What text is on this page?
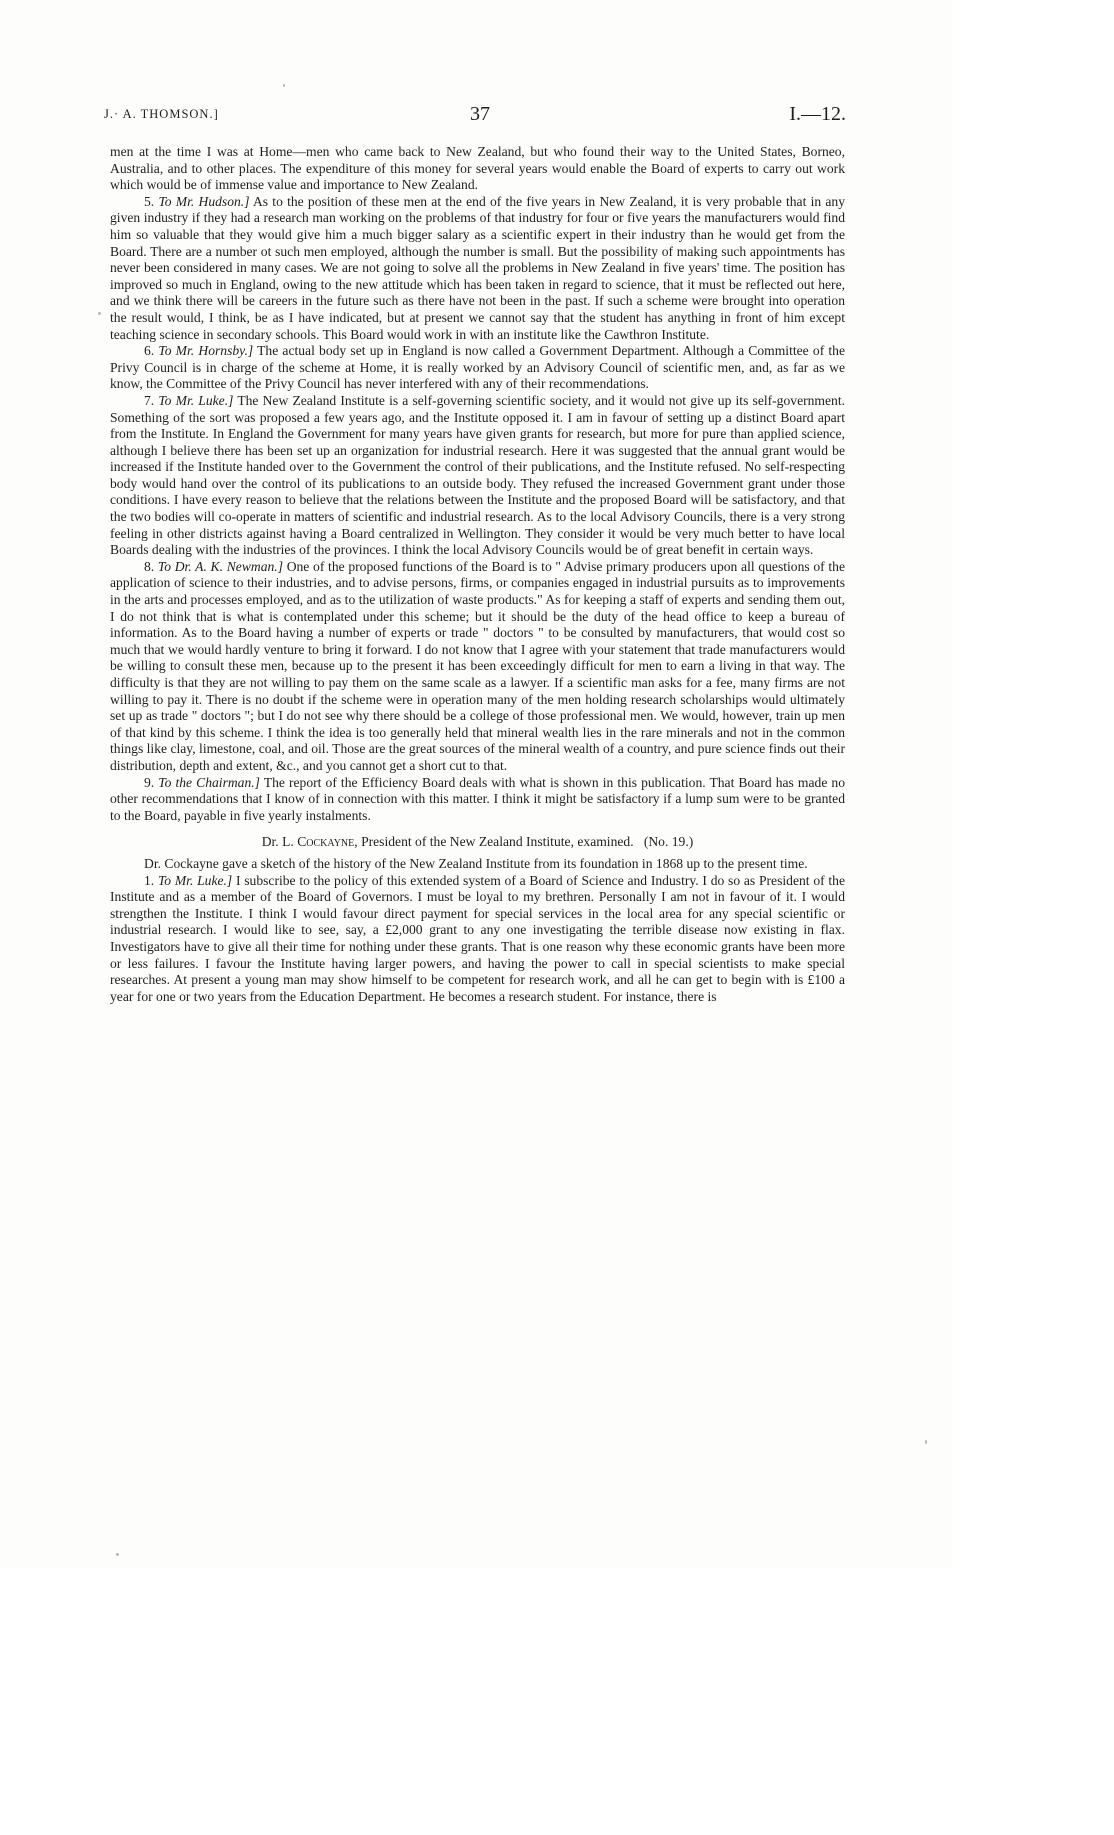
J.· A. THOMSON.]	37	I.—12.

men at the time I was at Home—men who came back to New Zealand, but who found their way to the United States, Borneo, Australia, and to other places. The expenditure of this money for several years would enable the Board of experts to carry out work which would be of immense value and importance to New Zealand.

5. To Mr. Hudson.] As to the position of these men at the end of the five years in New Zealand, it is very probable that in any given industry if they had a research man working on the problems of that industry for four or five years the manufacturers would find him so valuable that they would give him a much bigger salary as a scientific expert in their industry than he would get from the Board. There are a number ot such men employed, although the number is small. But the possibility of making such appointments has never been considered in many cases. We are not going to solve all the problems in New Zealand in five years' time. The position has improved so much in England, owing to the new attitude which has been taken in regard to science, that it must be reflected out here, and we think there will be careers in the future such as there have not been in the past. If such a scheme were brought into operation the result would, I think, be as I have indicated, but at present we cannot say that the student has anything in front of him except teaching science in secondary schools. This Board would work in with an institute like the Cawthron Institute.

6. To Mr. Hornsby.] The actual body set up in England is now called a Government Department. Although a Committee of the Privy Council is in charge of the scheme at Home, it is really worked by an Advisory Council of scientific men, and, as far as we know, the Committee of the Privy Council has never interfered with any of their recommendations.

7. To Mr. Luke.] The New Zealand Institute is a self-governing scientific society, and it would not give up its self-government. Something of the sort was proposed a few years ago, and the Institute opposed it. I am in favour of setting up a distinct Board apart from the Institute. In England the Government for many years have given grants for research, but more for pure than applied science, although I believe there has been set up an organization for industrial research. Here it was suggested that the annual grant would be increased if the Institute handed over to the Government the control of their publications, and the Institute refused. No self-respecting body would hand over the control of its publications to an outside body. They refused the increased Government grant under those conditions. I have every reason to believe that the relations between the Institute and the proposed Board will be satisfactory, and that the two bodies will co-operate in matters of scientific and industrial research. As to the local Advisory Councils, there is a very strong feeling in other districts against having a Board centralized in Wellington. They consider it would be very much better to have local Boards dealing with the industries of the provinces. I think the local Advisory Councils would be of great benefit in certain ways.

8. To Dr. A. K. Newman.] One of the proposed functions of the Board is to " Advise primary producers upon all questions of the application of science to their industries, and to advise persons, firms, or companies engaged in industrial pursuits as to improvements in the arts and processes employed, and as to the utilization of waste products." As for keeping a staff of experts and sending them out, I do not think that is what is contemplated under this scheme; but it should be the duty of the head office to keep a bureau of information. As to the Board having a number of experts or trade " doctors " to be consulted by manufacturers, that would cost so much that we would hardly venture to bring it forward. I do not know that I agree with your statement that trade manufacturers would be willing to consult these men, because up to the present it has been exceedingly difficult for men to earn a living in that way. The difficulty is that they are not willing to pay them on the same scale as a lawyer. If a scientific man asks for a fee, many firms are not willing to pay it. There is no doubt if the scheme were in operation many of the men holding research scholarships would ultimately set up as trade " doctors "; but I do not see why there should be a college of those professional men. We would, however, train up men of that kind by this scheme. I think the idea is too generally held that mineral wealth lies in the rare minerals and not in the common things like clay, limestone, coal, and oil. Those are the great sources of the mineral wealth of a country, and pure science finds out their distribution, depth and extent, &c., and you cannot get a short cut to that.

9. To the Chairman.] The report of the Efficiency Board deals with what is shown in this publication. That Board has made no other recommendations that I know of in connection with this matter. I think it might be satisfactory if a lump sum were to be granted to the Board, payable in five yearly instalments.

Dr. L. Cockayne, President of the New Zealand Institute, examined. (No. 19.)

Dr. Cockayne gave a sketch of the history of the New Zealand Institute from its foundation in 1868 up to the present time.

1. To Mr. Luke.] I subscribe to the policy of this extended system of a Board of Science and Industry. I do so as President of the Institute and as a member of the Board of Governors. I must be loyal to my brethren. Personally I am not in favour of it. I would strengthen the Institute. I think I would favour direct payment for special services in the local area for any special scientific or industrial research. I would like to see, say, a £2,000 grant to any one investigating the terrible disease now existing in flax. Investigators have to give all their time for nothing under these grants. That is one reason why these economic grants have been more or less failures. I favour the Institute having larger powers, and having the power to call in special scientists to make special researches. At present a young man may show himself to be competent for research work, and all he can get to begin with is £100 a year for one or two years from the Education Department. He becomes a research student. For instance, there is
